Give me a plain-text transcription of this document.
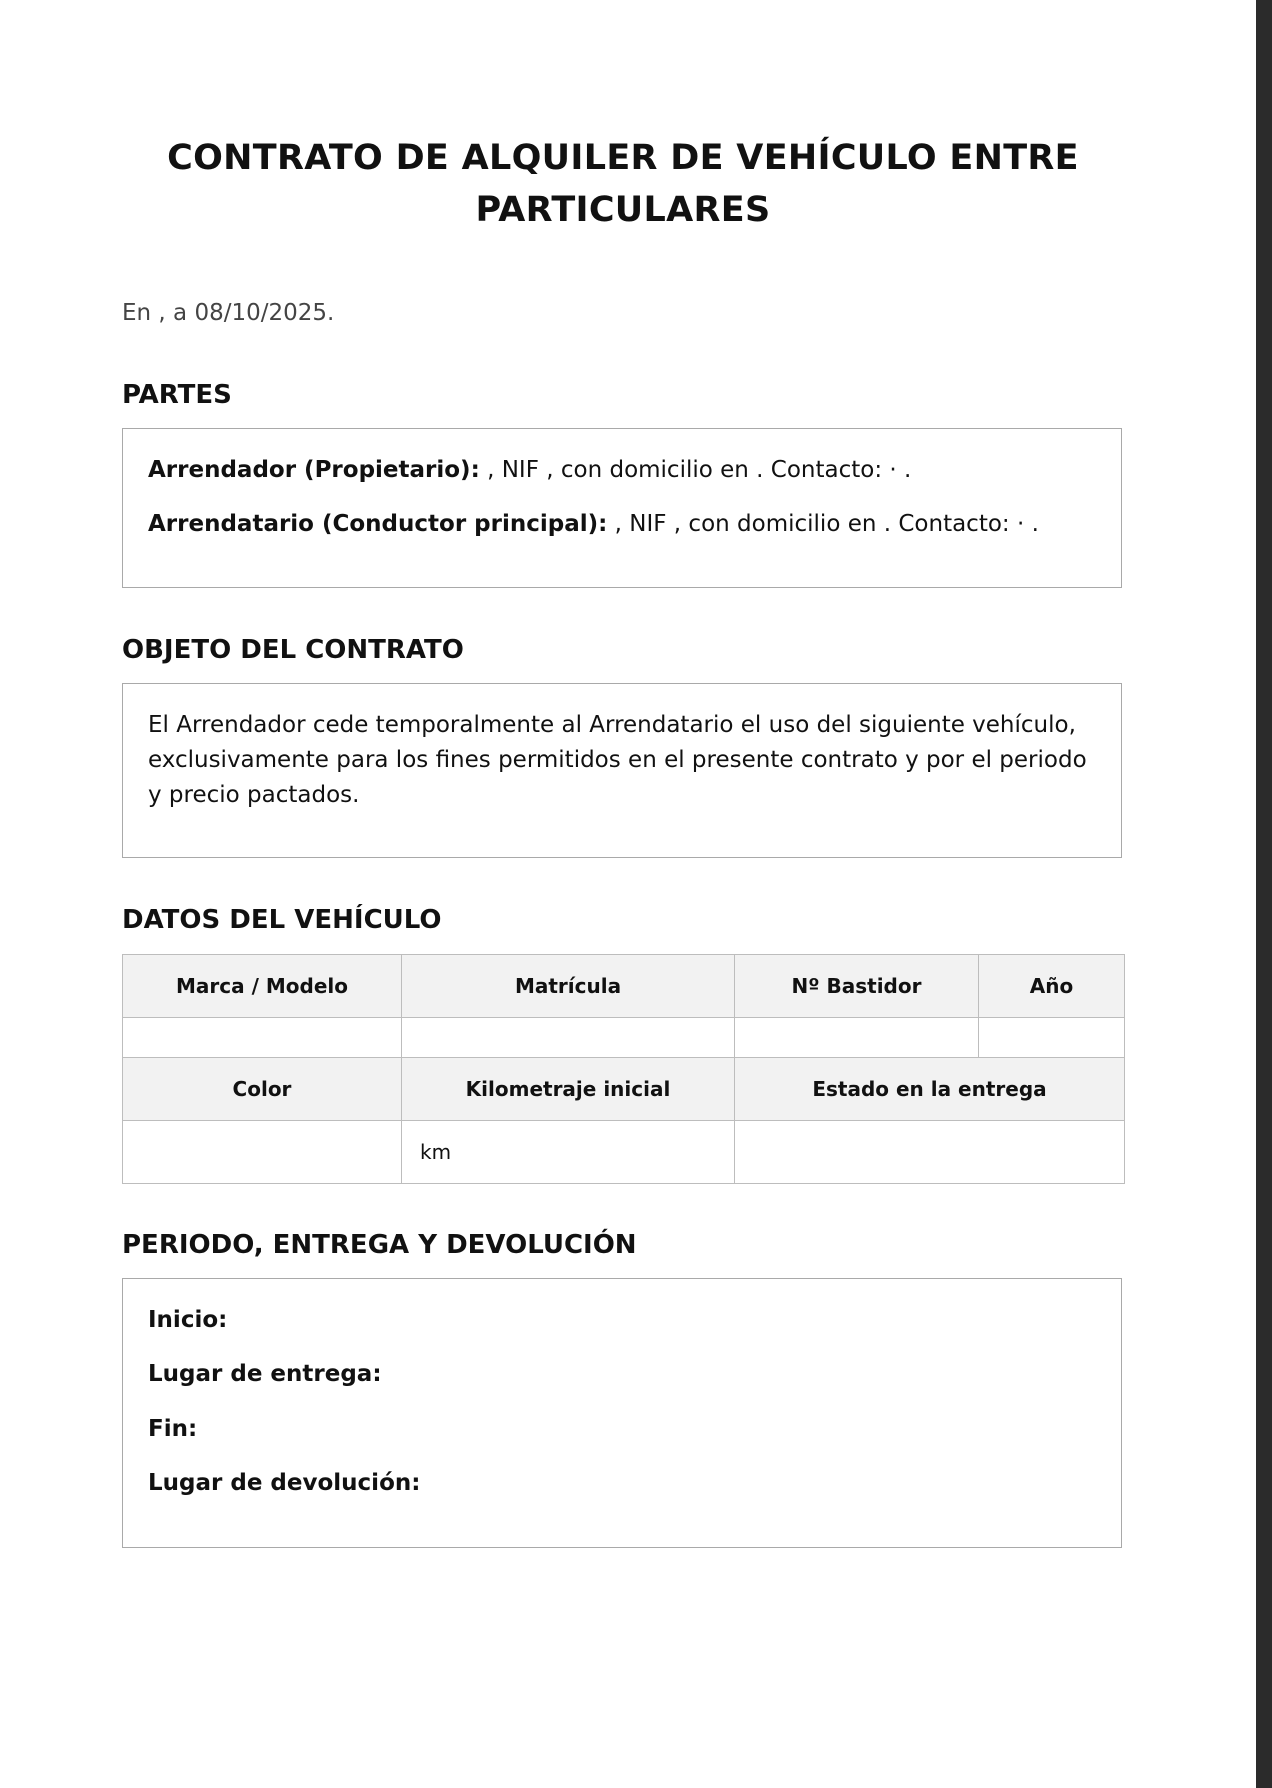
CONTRATO DE ALQUILER DE VEHÍCULO ENTRE PARTICULARES
En , a 08/10/2025.
PARTES
Arrendador (Propietario): , NIF , con domicilio en . Contacto: · .
Arrendatario (Conductor principal): , NIF , con domicilio en . Contacto: · .
OBJETO DEL CONTRATO
El Arrendador cede temporalmente al Arrendatario el uso del siguiente vehículo, exclusivamente para los fines permitidos en el presente contrato y por el periodo y precio pactados.
DATOS DEL VEHÍCULO
Marca / Modelo	Matrícula	Nº Bastidor	Año

Color	Kilometraje inicial	Estado en la entrega	
	km		
PERIODO, ENTREGA Y DEVOLUCIÓN
Inicio:
Lugar de entrega:
Fin:
Lugar de devolución:
